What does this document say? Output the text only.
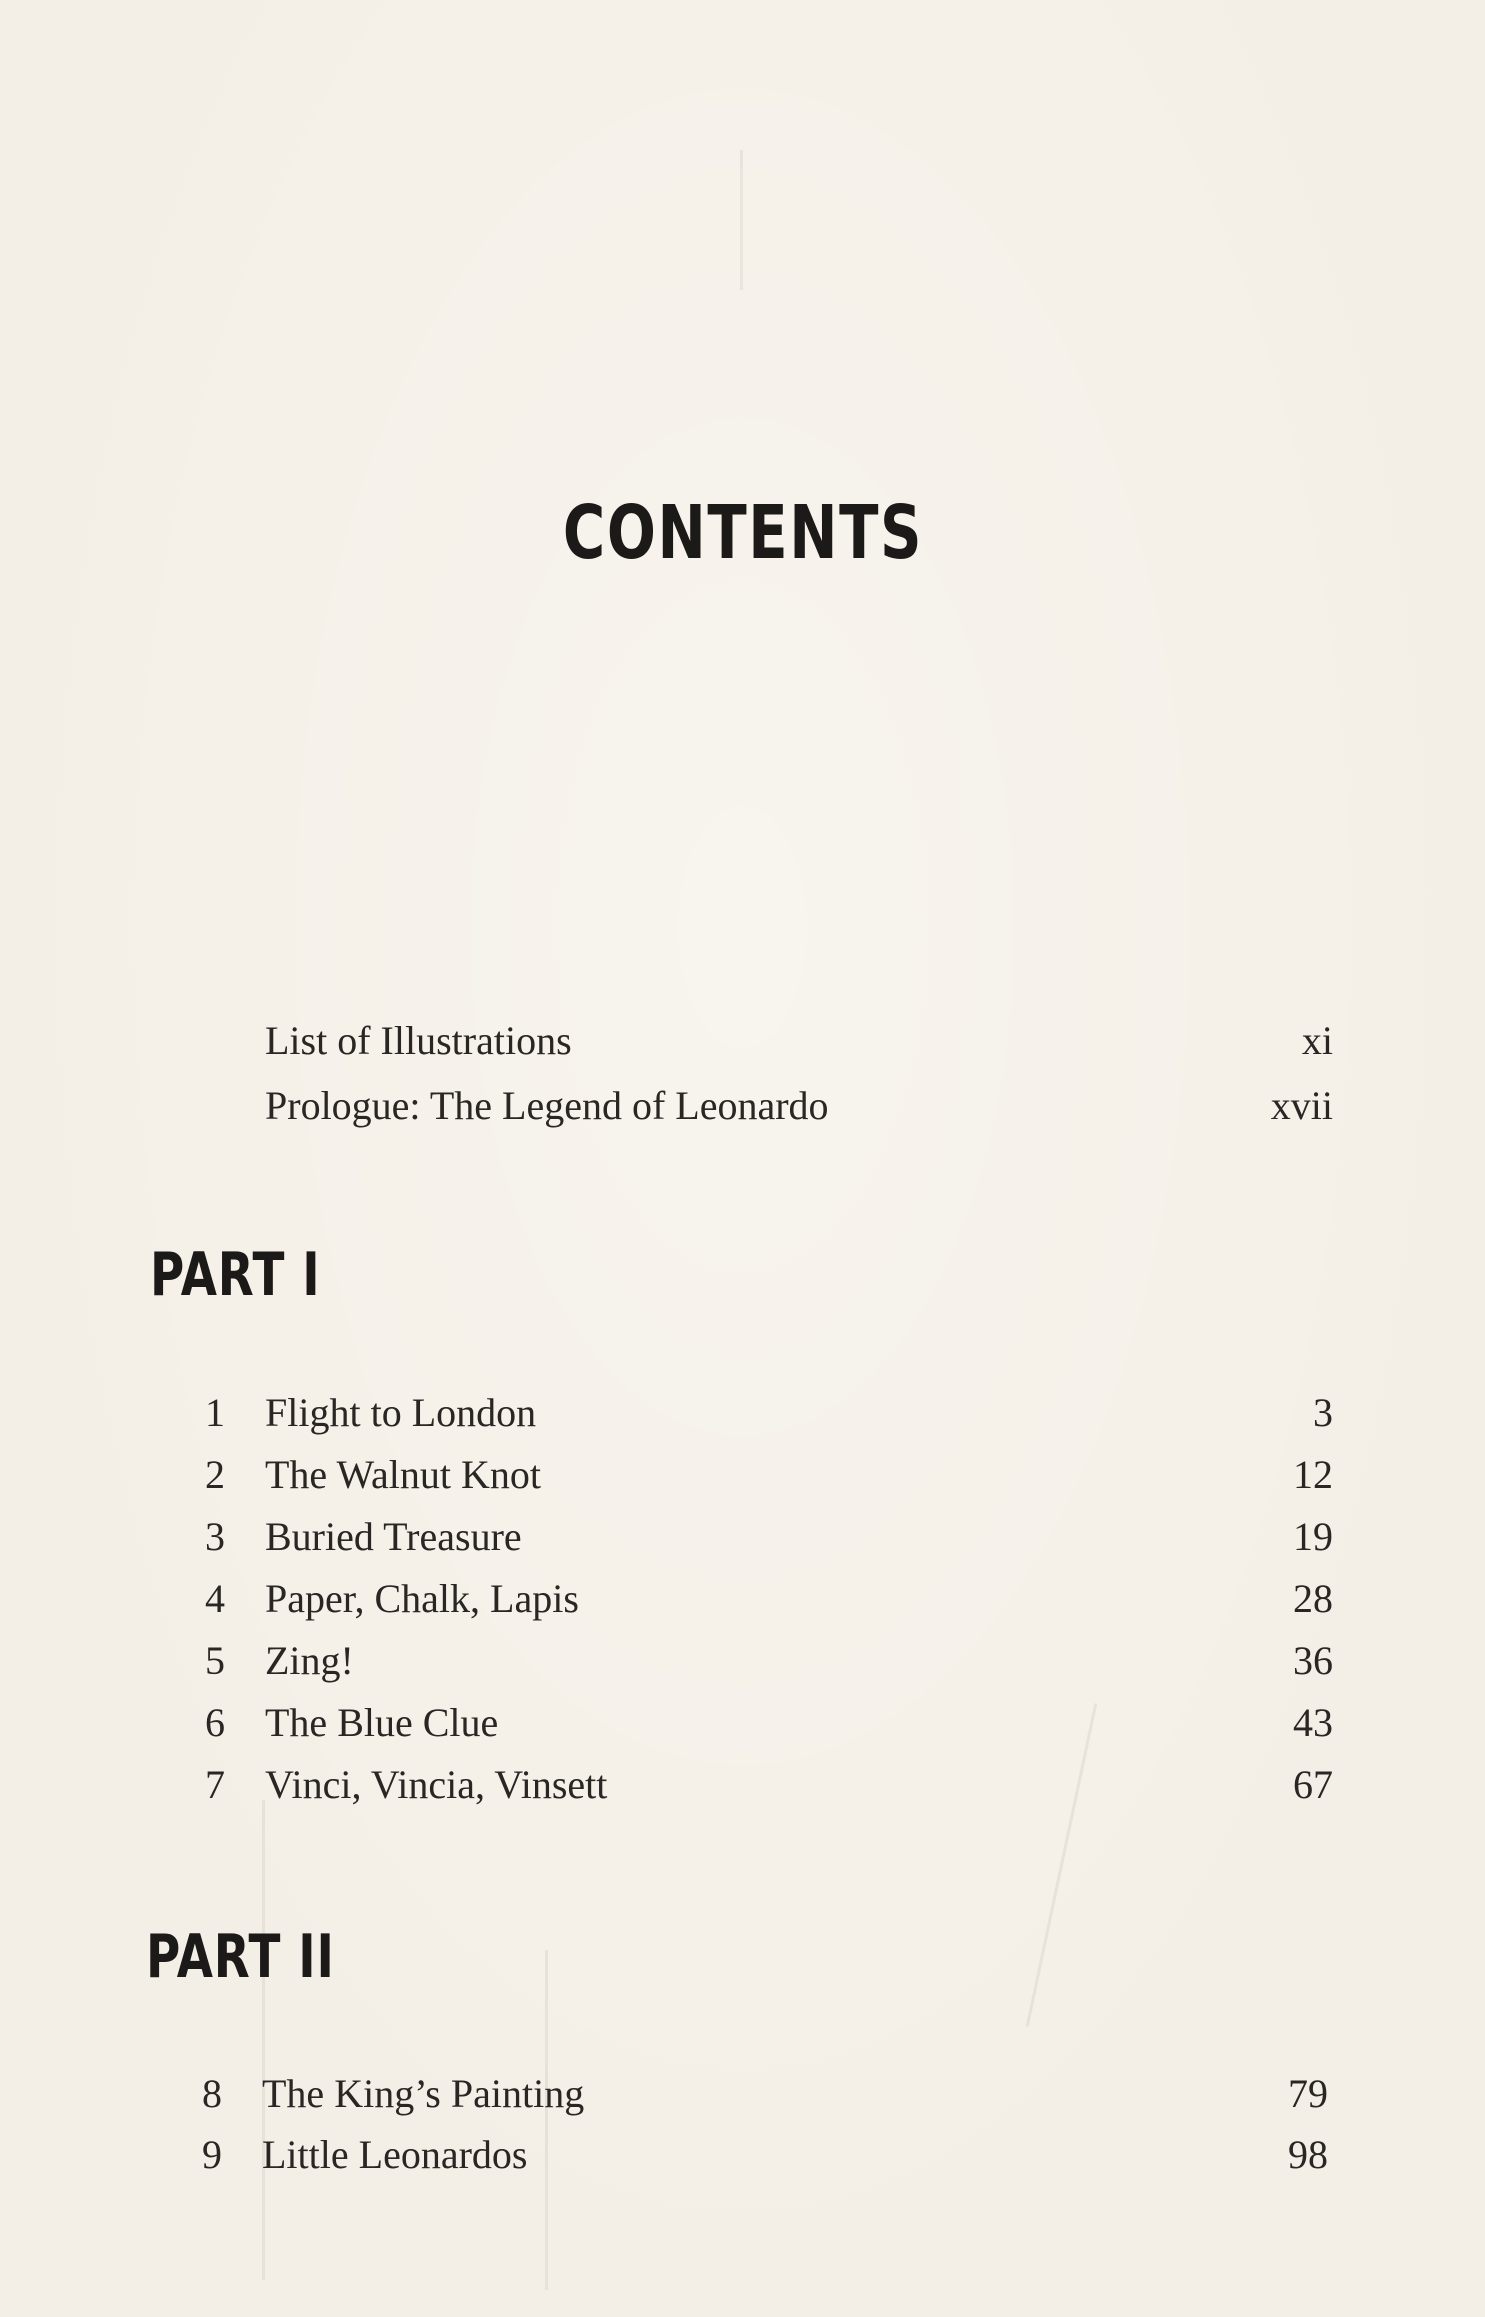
CONTENTS
List of Illustrations	xi
Prologue: The Legend of Leonardo	xvii
PART I
1 Flight to London	3
2 The Walnut Knot	12
3 Buried Treasure	19
4 Paper, Chalk, Lapis	28
5 Zing!	36
6 The Blue Clue	43
7 Vinci, Vincia, Vinsett	67
PART II
8 The King’s Painting	79
9 Little Leonardos	98
